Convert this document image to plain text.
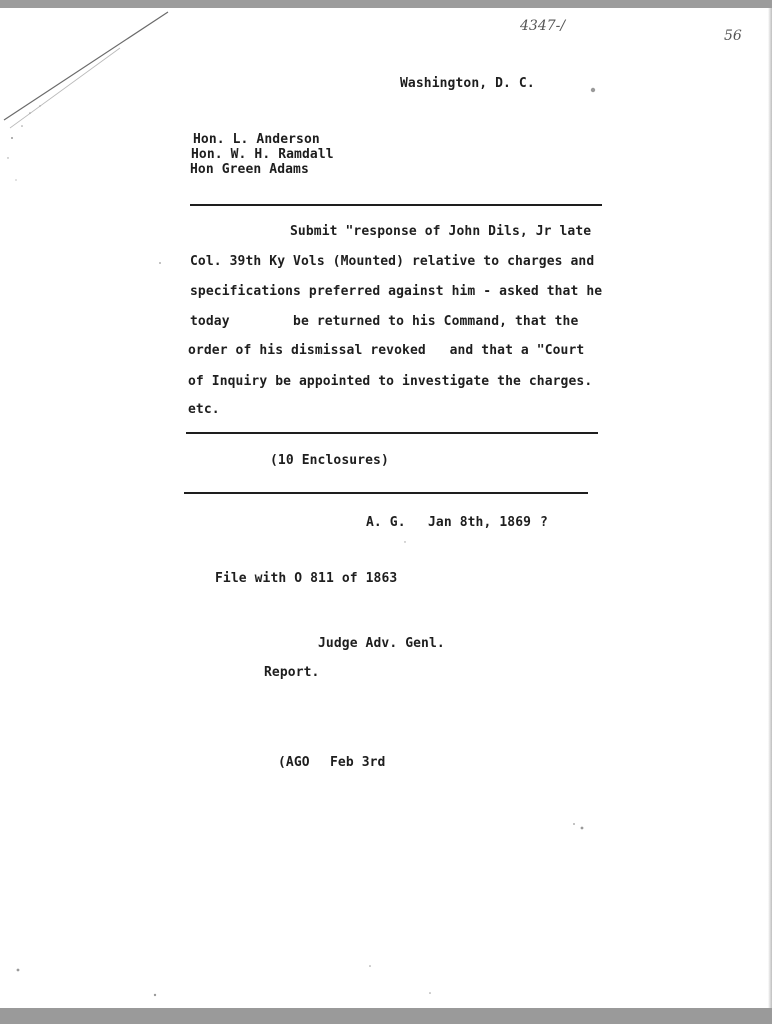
4347-/
56
Washington, D. C.
Hon. L. Anderson
Hon. W. H. Ramdall
Hon Green Adams
Submit "response of John Dils, Jr late
Col. 39th Ky Vols (Mounted) relative to charges and
specifications preferred against him - asked that he
today        be returned to his Command, that the
order of his dismissal revoked   and that a "Court
of Inquiry be appointed to investigate the charges.
etc.
(10 Enclosures)
A. G. Jan 8th, 1869 ?
File with O 811 of 1863
Judge Adv. Genl.
Report.
(AGO Feb 3rd
